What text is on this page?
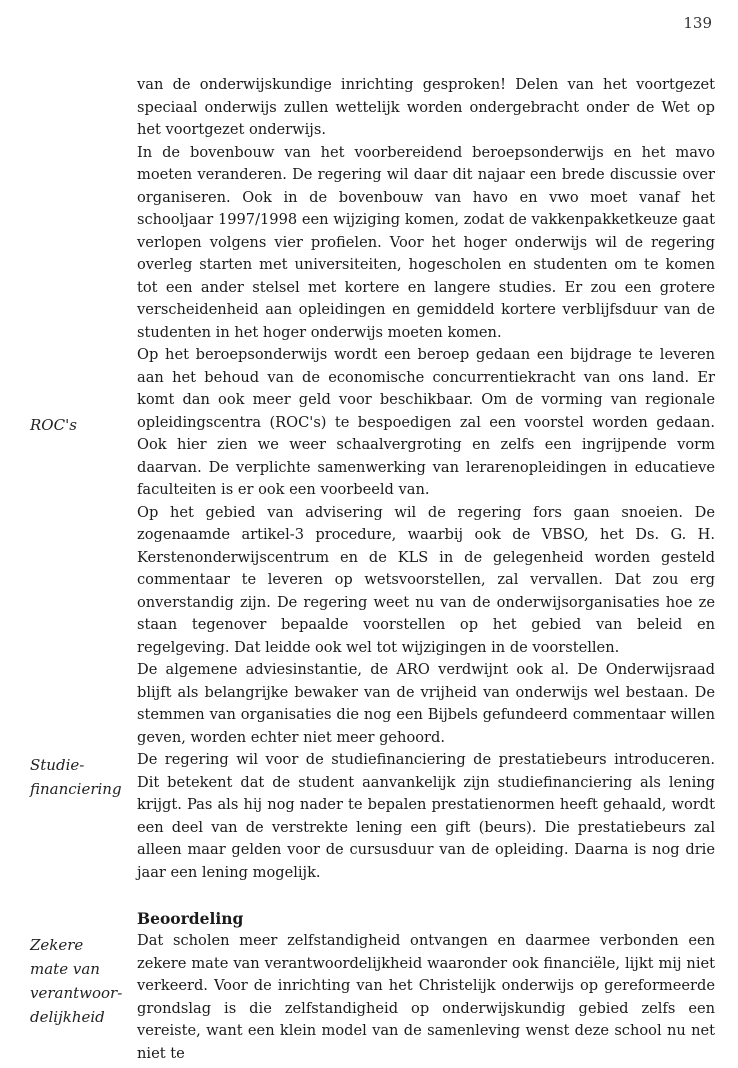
139
ROC's
Studie-
financiering
Zekere
mate van
verantwoor-
delijkheid

van de onderwijskundige inrichting gesproken! Delen van het voortgezet speciaal onderwijs zullen wettelijk worden ondergebracht onder de Wet op het voortgezet onderwijs.

In de bovenbouw van het voorbereidend beroepsonderwijs en het mavo moeten veranderen. De regering wil daar dit najaar een brede discussie over organiseren. Ook in de bovenbouw van havo en vwo moet vanaf het schooljaar 1997/1998 een wijziging komen, zodat de vakkenpakketkeuze gaat verlopen volgens vier profielen. Voor het hoger onderwijs wil de regering overleg starten met universiteiten, hogescholen en studenten om te komen tot een ander stelsel met kortere en langere studies. Er zou een grotere verscheidenheid aan opleidingen en gemiddeld kortere verblijfsduur van de studenten in het hoger onderwijs moeten komen.

Op het beroepsonderwijs wordt een beroep gedaan een bijdrage te leveren aan het behoud van de economische concurrentiekracht van ons land. Er komt dan ook meer geld voor beschikbaar. Om de vorming van regionale opleidingscentra (ROC's) te bespoedigen zal een voorstel worden gedaan. Ook hier zien we weer schaalvergroting en zelfs een ingrijpende vorm daarvan. De verplichte samenwerking van lerarenopleidingen in educatieve faculteiten is er ook een voorbeeld van.

Op het gebied van advisering wil de regering fors gaan snoeien. De zogenaamde artikel-3 procedure, waarbij ook de VBSO, het Ds. G. H. Kerstenonderwijscentrum en de KLS in de gelegenheid worden gesteld commentaar te leveren op wetsvoorstellen, zal vervallen. Dat zou erg onverstandig zijn. De regering weet nu van de onderwijsorganisaties hoe ze staan tegenover bepaalde voorstellen op het gebied van beleid en regelgeving. Dat leidde ook wel tot wijzigingen in de voorstellen.

De algemene adviesinstantie, de ARO verdwijnt ook al. De Onderwijsraad blijft als belangrijke bewaker van de vrijheid van onderwijs wel bestaan. De stemmen van organisaties die nog een Bijbels gefundeerd commentaar willen geven, worden echter niet meer gehoord.

De regering wil voor de studiefinanciering de prestatiebeurs introduceren. Dit betekent dat de student aanvankelijk zijn studiefinanciering als lening krijgt. Pas als hij nog nader te bepalen prestatienormen heeft gehaald, wordt een deel van de verstrekte lening een gift (beurs). Die prestatiebeurs zal alleen maar gelden voor de cursusduur van de opleiding. Daarna is nog drie jaar een lening mogelijk.

Beoordeling

Dat scholen meer zelfstandigheid ontvangen en daarmee verbonden een zekere mate van verantwoordelijkheid waaronder ook financiële, lijkt mij niet verkeerd. Voor de inrichting van het Christelijk onderwijs op gereformeerde grondslag is die zelfstandigheid op onderwijskundig gebied zelfs een vereiste, want een klein model van de samenleving wenst deze school nu net niet te
